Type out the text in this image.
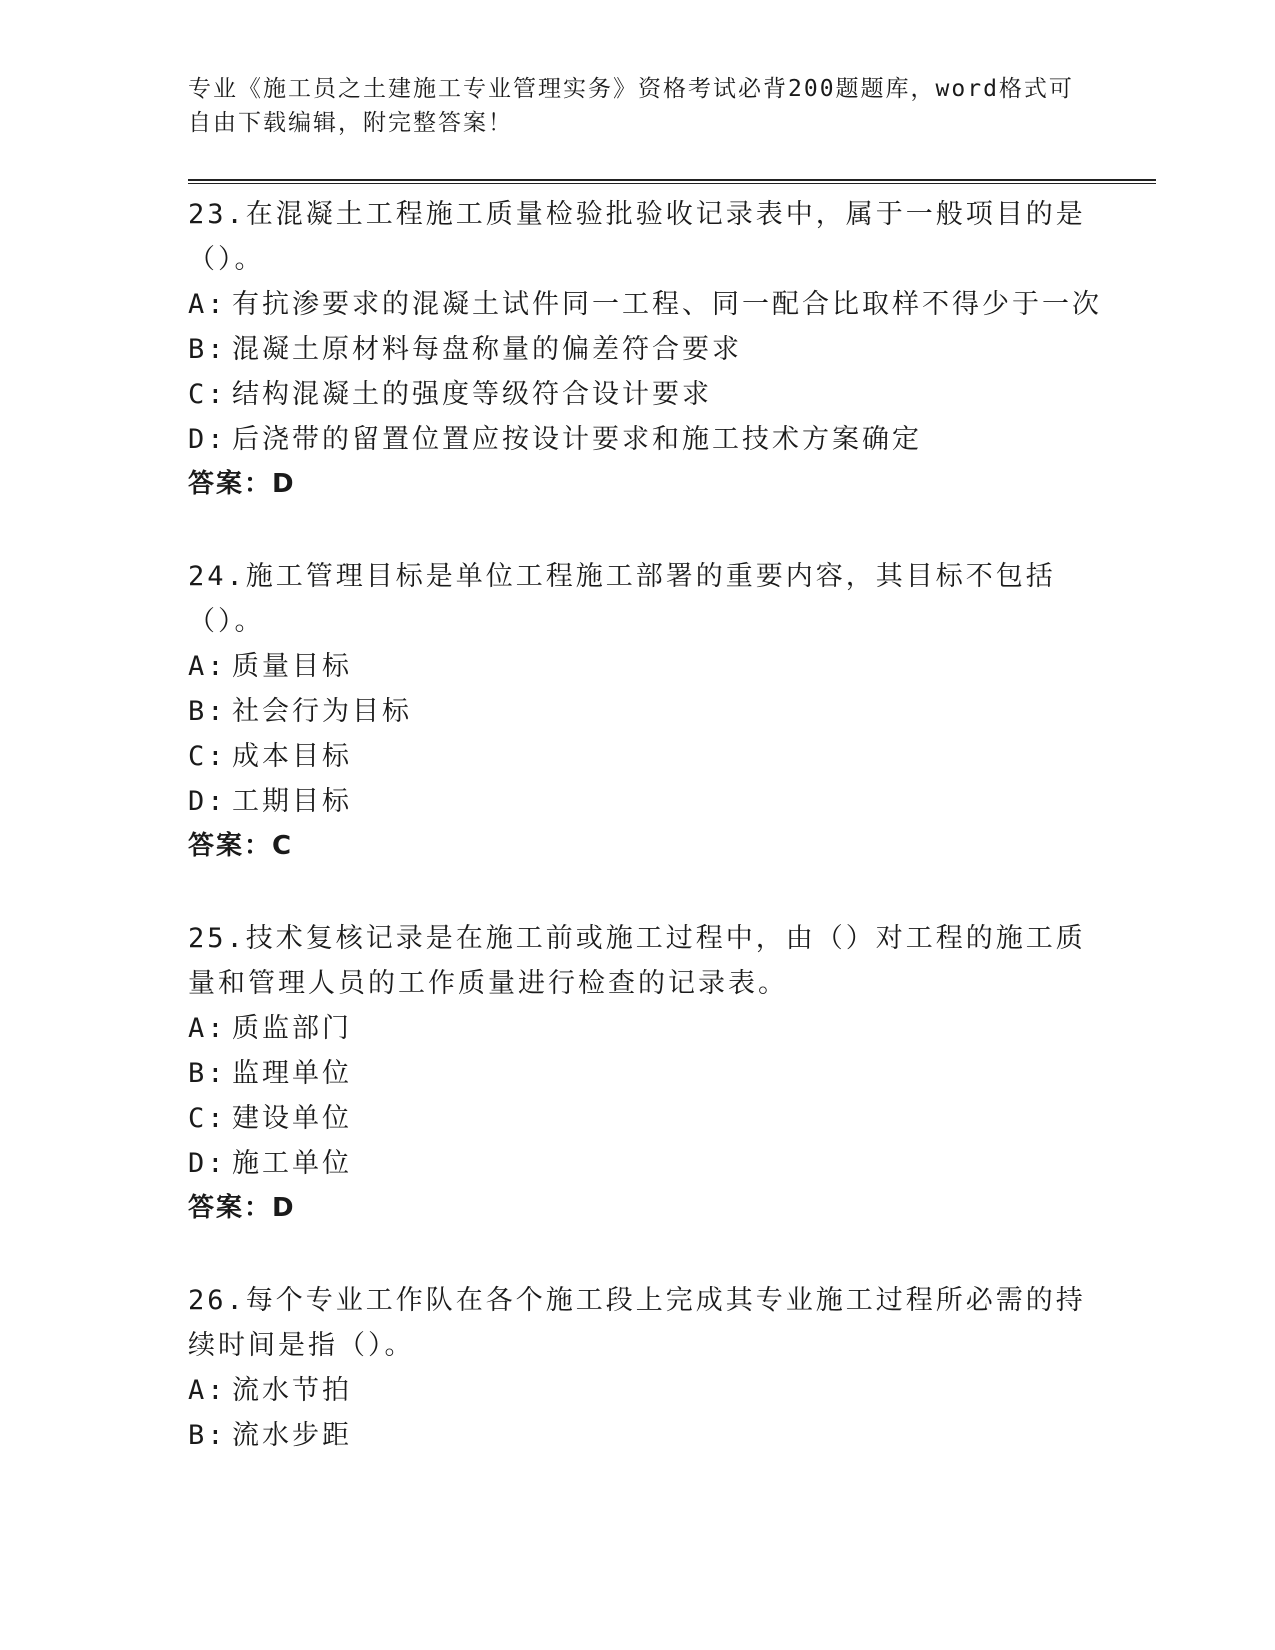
专业《施工员之土建施工专业管理实务》资格考试必背200题题库，word格式可
自由下载编辑，附完整答案！
23.在混凝土工程施工质量检验批验收记录表中，属于一般项目的是（）。
A: 有抗渗要求的混凝土试件同一工程、同一配合比取样不得少于一次
B: 混凝土原材料每盘称量的偏差符合要求
C: 结构混凝土的强度等级符合设计要求
D: 后浇带的留置位置应按设计要求和施工技术方案确定
答案：D
24.施工管理目标是单位工程施工部署的重要内容，其目标不包括（）。
A: 质量目标
B: 社会行为目标
C: 成本目标
D: 工期目标
答案：C
25.技术复核记录是在施工前或施工过程中，由（）对工程的施工质量和管理人员的工作质量进行检查的记录表。
A: 质监部门
B: 监理单位
C: 建设单位
D: 施工单位
答案：D
26.每个专业工作队在各个施工段上完成其专业施工过程所必需的持续时间是指（）。
A: 流水节拍
B: 流水步距
